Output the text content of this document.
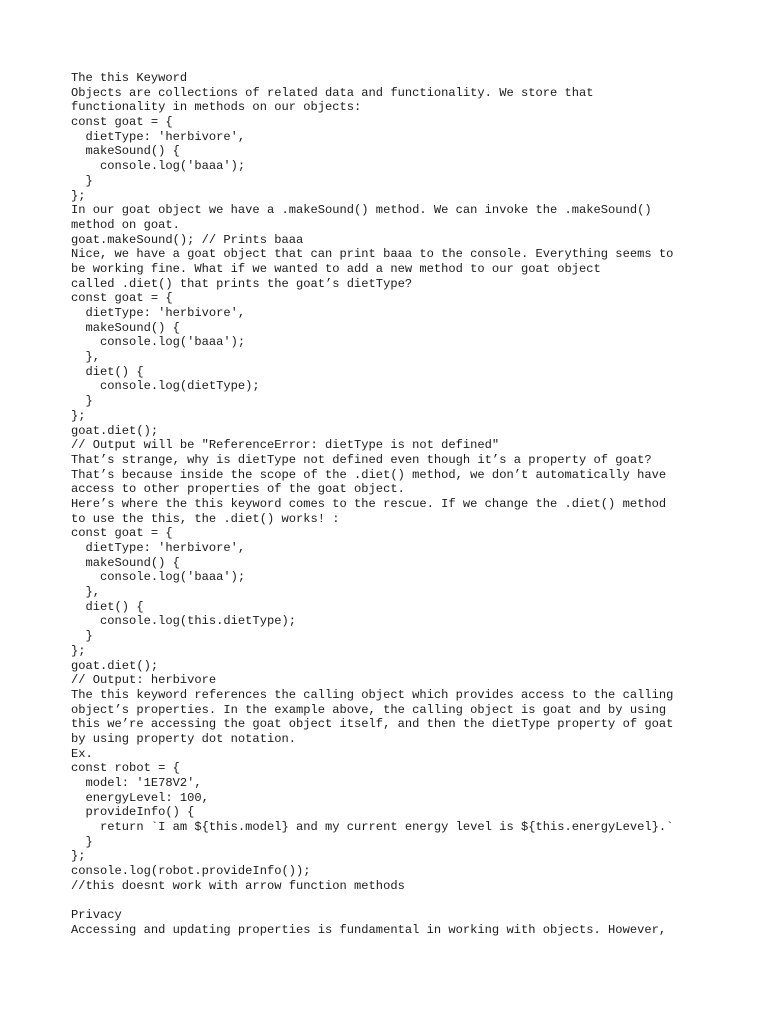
The this Keyword
Objects are collections of related data and functionality. We store that
functionality in methods on our objects:
const goat = {
dietType: 'herbivore',
makeSound() {
console.log('baaa');
}
};
In our goat object we have a .makeSound() method. We can invoke the .makeSound()
method on goat.
goat.makeSound(); // Prints baaa
Nice, we have a goat object that can print baaa to the console. Everything seems to
be working fine. What if we wanted to add a new method to our goat object
called .diet() that prints the goat’s dietType?
const goat = {
dietType: 'herbivore',
makeSound() {
console.log('baaa');
},
diet() {
console.log(dietType);
}
};
goat.diet();
// Output will be "ReferenceError: dietType is not defined"
That’s strange, why is dietType not defined even though it’s a property of goat?
That’s because inside the scope of the .diet() method, we don’t automatically have
access to other properties of the goat object.
Here’s where the this keyword comes to the rescue. If we change the .diet() method
to use the this, the .diet() works! :
const goat = {
dietType: 'herbivore',
makeSound() {
console.log('baaa');
},
diet() {
console.log(this.dietType);
}
};
goat.diet();
// Output: herbivore
The this keyword references the calling object which provides access to the calling
object’s properties. In the example above, the calling object is goat and by using
this we’re accessing the goat object itself, and then the dietType property of goat
by using property dot notation.
Ex.
const robot = {
model: '1E78V2',
energyLevel: 100,
provideInfo() {
return `I am ${this.model} and my current energy level is ${this.energyLevel}.`
}
};
console.log(robot.provideInfo());
//this doesnt work with arrow function methods
Privacy
Accessing and updating properties is fundamental in working with objects. However,
